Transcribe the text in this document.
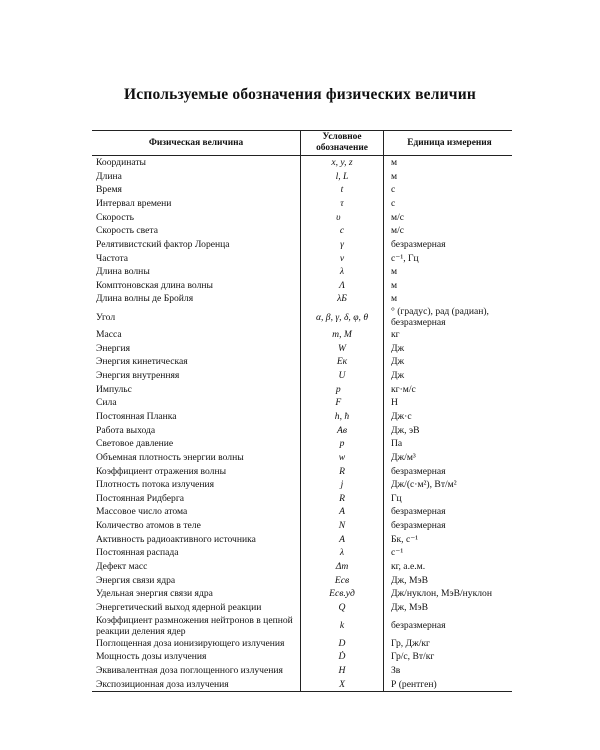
Используемые обозначения физических величин
Физическая величина	Условное обозначение	Единица измерения
Координаты	x, y, z	м
Длина	l, L	м
Время	t	с
Интервал времени	τ	с
Скорость	υ⃗	м/с
Скорость света	c	м/с
Релятивистский фактор Лоренца	γ	безразмерная
Частота	ν	с⁻¹, Гц
Длина волны	λ	м
Комптоновская длина волны	Λ	м
Длина волны де Бройля	λБ	м
Угол	α, β, γ, δ, φ, θ	° (градус), рад (радиан), безразмерная
Масса	m, M	кг
Энергия	W	Дж
Энергия кинетическая	Eк	Дж
Энергия внутренняя	U	Дж
Импульс	p⃗	кг·м/с
Сила	F⃗	Н
Постоянная Планка	h, ħ	Дж·с
Работа выхода	Aв	Дж, эВ
Световое давление	p	Па
Объемная плотность энергии волны	w	Дж/м³
Коэффициент отражения волны	R	безразмерная
Плотность потока излучения	j	Дж/(с·м²), Вт/м²
Постоянная Ридберга	R	Гц
Массовое число атома	A	безразмерная
Количество атомов в теле	N	безразмерная
Активность радиоактивного источника	A	Бк, с⁻¹
Постоянная распада	λ	с⁻¹
Дефект масс	Δm	кг, а.е.м.
Энергия связи ядра	Eсв	Дж, МэВ
Удельная энергия связи ядра	Eсв.уд	Дж/нуклон, МэВ/нуклон
Энергетический выход ядерной реакции	Q	Дж, МэВ
Коэффициент размножения нейтронов в цепной реакции деления ядер	k	безразмерная
Поглощенная доза ионизирующего излучения	D	Гр, Дж/кг
Мощность дозы излучения	Ḋ	Гр/с, Вт/кг
Эквивалентная доза поглощенного излучения	H	Зв
Экспозиционная доза излучения	X	Р (рентген)
